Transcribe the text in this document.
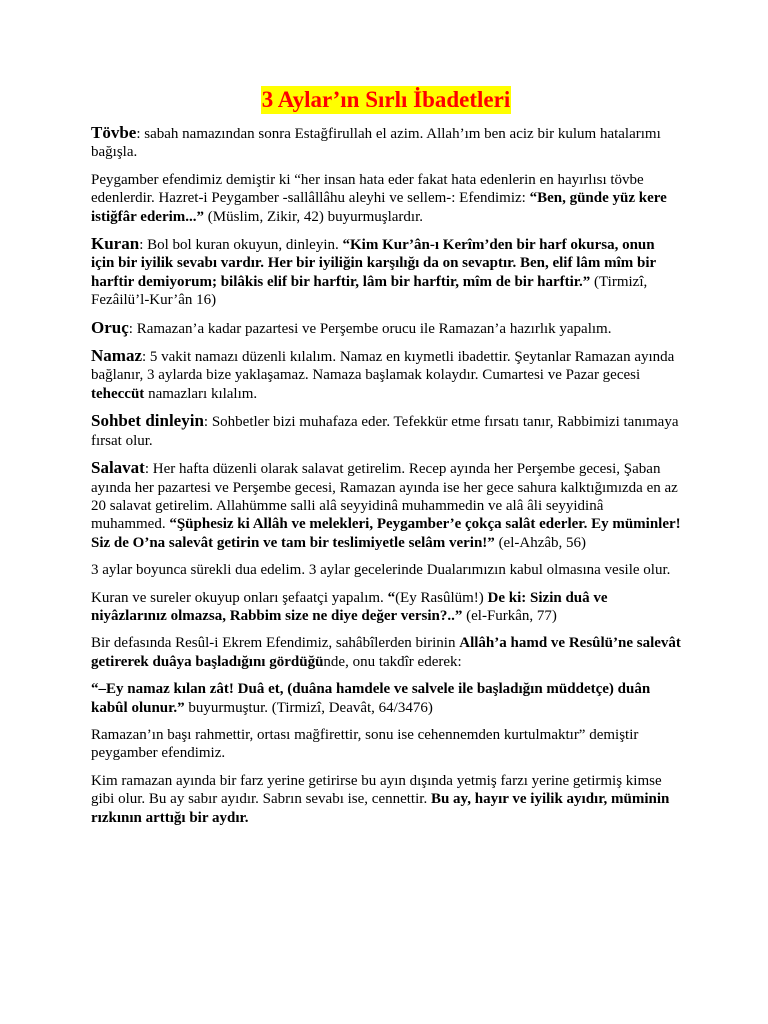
3 Aylar’ın Sırlı İbadetleri

Tövbe: sabah namazından sonra Estağfirullah el azim. Allah’ım ben aciz bir kulum hatalarımı bağışla.

Peygamber efendimiz demiştir ki “her insan hata eder fakat hata edenlerin en hayırlısı tövbe edenlerdir. Hazret-i Peygamber -sallâllâhu aleyhi ve sellem-: Efendimiz: “Ben, günde yüz kere istiğfâr ederim...” (Müslim, Zikir, 42) buyurmuşlardır.

Kuran: Bol bol kuran okuyun, dinleyin. “Kim Kur’ân-ı Kerîm’den bir harf okursa, onun için bir iyilik sevabı vardır. Her bir iyiliğin karşılığı da on sevaptır. Ben, elif lâm mîm bir harftir demiyorum; bilâkis elif bir harftir, lâm bir harftir, mîm de bir harftir.” (Tirmizî, Fezâilü’l-Kur’ân 16)

Oruç: Ramazan’a kadar pazartesi ve Perşembe orucu ile Ramazan’a hazırlık yapalım.

Namaz: 5 vakit namazı düzenli kılalım. Namaz en kıymetli ibadettir. Şeytanlar Ramazan ayında bağlanır, 3 aylarda bize yaklaşamaz. Namaza başlamak kolaydır. Cumartesi ve Pazar gecesi teheccüt namazları kılalım.

Sohbet dinleyin: Sohbetler bizi muhafaza eder. Tefekkür etme fırsatı tanır, Rabbimizi tanımaya fırsat olur.

Salavat: Her hafta düzenli olarak salavat getirelim. Recep ayında her Perşembe gecesi, Şaban ayında her pazartesi ve Perşembe gecesi, Ramazan ayında ise her gece sahura kalktığımızda en az 20 salavat getirelim. Allahümme salli alâ seyyidinâ muhammedin ve alâ âli seyyidinâ muhammed. “Şüphesiz ki Allâh ve melekleri, Peygamber’e çokça salât ederler. Ey müminler! Siz de O’na salevât getirin ve tam bir teslimiyetle selâm verin!” (el-Ahzâb, 56)

3 aylar boyunca sürekli dua edelim. 3 aylar gecelerinde Dualarımızın kabul olmasına vesile olur.

Kuran ve sureler okuyup onları şefaatçi yapalım. “(Ey Rasûlüm!) De ki: Sizin duâ ve niyâzlarınız olmazsa, Rabbim size ne diye değer versin?..” (el-Furkân, 77)

Bir defasında Resûl-i Ekrem Efendimiz, sahâbîlerden birinin Allâh’a hamd ve Resûlü’ne salevât getirerek duâya başladığını gördüğünde, onu takdîr ederek:

“–Ey namaz kılan zât! Duâ et, (duâna hamdele ve salvele ile başladığın müddetçe) duân kabûl olunur.” buyurmuştur. (Tirmizî, Deavât, 64/3476)

Ramazan’ın başı rahmettir, ortası mağfirettir, sonu ise cehennemden kurtulmaktır” demiştir peygamber efendimiz.

Kim ramazan ayında bir farz yerine getirirse bu ayın dışında yetmiş farzı yerine getirmiş kimse gibi olur. Bu ay sabır ayıdır. Sabrın sevabı ise, cennettir. Bu ay, hayır ve iyilik ayıdır, müminin rızkının arttığı bir aydır.
